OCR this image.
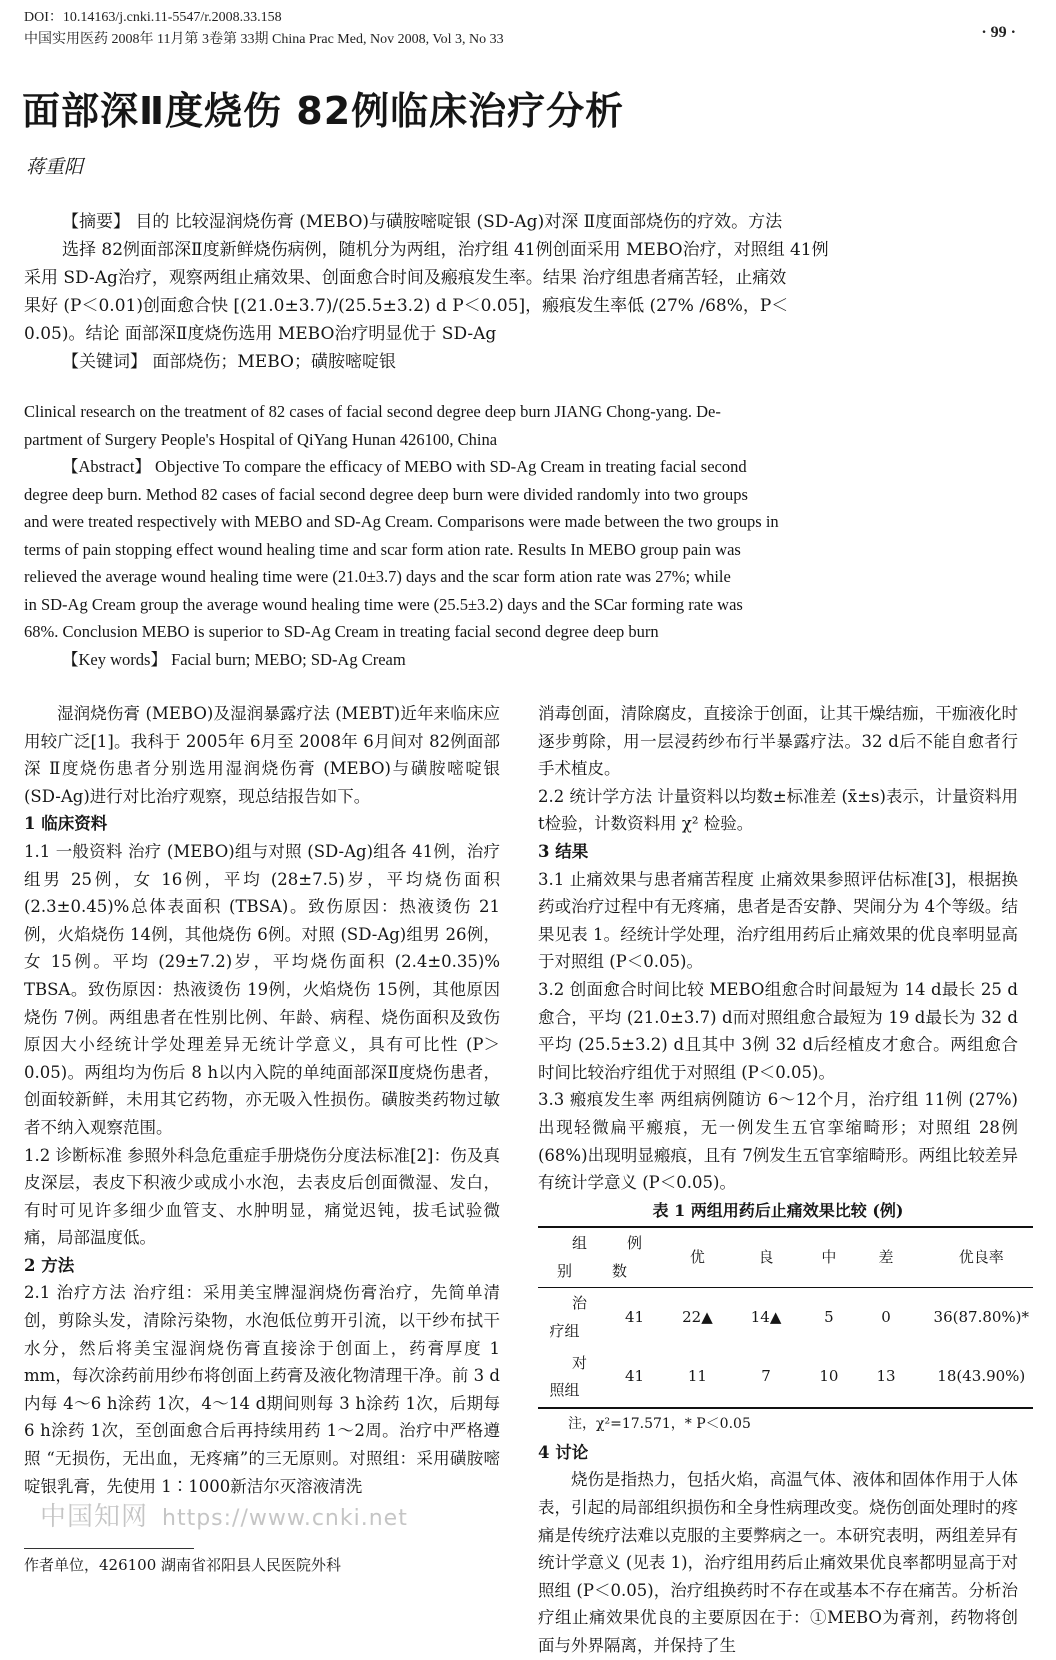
DOI：10.14163/j.cnki.11-5547/r.2008.33.158
中国实用医药 2008年 11月第 3卷第 33期 China Prac Med, Nov 2008, Vol 3, No 33	· 99 ·
面部深Ⅱ度烧伤 82例临床治疗分析
蒋重阳

【摘要】 目的 比较湿润烧伤膏 (MEBO)与磺胺嘧啶银 (SD-Ag)对深 Ⅱ度面部烧伤的疗效。方法

选择 82例面部深Ⅱ度新鲜烧伤病例，随机分为两组，治疗组 41例创面采用 MEBO治疗，对照组 41例

采用 SD-Ag治疗，观察两组止痛效果、创面愈合时间及瘢痕发生率。结果 治疗组患者痛苦轻，止痛效

果好 (P＜0.01)创面愈合快 [(21.0±3.7)/(25.5±3.2) d P＜0.05]，瘢痕发生率低 (27% /68%，P＜

0.05)。结论 面部深Ⅱ度烧伤选用 MEBO治疗明显优于 SD-Ag

【关键词】 面部烧伤；MEBO；磺胺嘧啶银

Clinical research on the treatment of 82 cases of facial second degree deep burn JIANG Chong-yang. De-

partment of Surgery People's Hospital of QiYang Hunan 426100, China

【Abstract】 Objective To compare the efficacy of MEBO with SD-Ag Cream in treating facial second

degree deep burn. Method 82 cases of facial second degree deep burn were divided randomly into two groups

and were treated respectively with MEBO and SD-Ag Cream. Comparisons were made between the two groups in

terms of pain stopping effect wound healing time and scar form ation rate. Results In MEBO group pain was

relieved the average wound healing time were (21.0±3.7) days and the scar form ation rate was 27%; while

in SD-Ag Cream group the average wound healing time were (25.5±3.2) days and the SCar forming rate was

68%. Conclusion MEBO is superior to SD-Ag Cream in treating facial second degree deep burn

【Key words】 Facial burn; MEBO; SD-Ag Cream

湿润烧伤膏 (MEBO)及湿润暴露疗法 (MEBT)近年来临床应用较广泛[1]。我科于 2005年 6月至 2008年 6月间对 82例面部深 Ⅱ度烧伤患者分别选用湿润烧伤膏 (MEBO)与磺胺嘧啶银 (SD-Ag)进行对比治疗观察，现总结报告如下。

1 临床资料

1.1 一般资料 治疗 (MEBO)组与对照 (SD-Ag)组各 41例，治疗组男 25例，女 16例，平均 (28±7.5)岁，平均烧伤面积 (2.3±0.45)%总体表面积 (TBSA)。致伤原因：热液烫伤 21例，火焰烧伤 14例，其他烧伤 6例。对照 (SD-Ag)组男 26例，女 15例。平均 (29±7.2)岁，平均烧伤面积 (2.4±0.35)% TBSA。致伤原因：热液烫伤 19例，火焰烧伤 15例，其他原因烧伤 7例。两组患者在性别比例、年龄、病程、烧伤面积及致伤原因大小经统计学处理差异无统计学意义，具有可比性 (P＞0.05)。两组均为伤后 8 h以内入院的单纯面部深Ⅱ度烧伤患者，创面较新鲜，未用其它药物，亦无吸入性损伤。磺胺类药物过敏者不纳入观察范围。

1.2 诊断标准 参照外科急危重症手册烧伤分度法标准[2]：伤及真皮深层，表皮下积液少或成小水泡，去表皮后创面微湿、发白，有时可见许多细少血管支、水肿明显，痛觉迟钝，拔毛试验微痛，局部温度低。

2 方法

2.1 治疗方法 治疗组：采用美宝牌湿润烧伤膏治疗，先简单清创，剪除头发，清除污染物，水泡低位剪开引流，以干纱布拭干水分，然后将美宝湿润烧伤膏直接涂于创面上，药膏厚度 1 mm，每次涂药前用纱布将创面上药膏及液化物清理干净。前 3 d内每 4～6 h涂药 1次，4～14 d期间则每 3 h涂药 1次，后期每 6 h涂药 1次，至创面愈合后再持续用药 1～2周。治疗中严格遵照 “无损伤，无出血，无疼痛”的三无原则。对照组：采用磺胺嘧啶银乳膏，先使用 1∶1000新洁尔灭溶液清洗

消毒创面，清除腐皮，直接涂于创面，让其干燥结痂，干痂液化时逐步剪除，用一层浸药纱布行半暴露疗法。32 d后不能自愈者行手术植皮。

2.2 统计学方法 计量资料以均数±标准差 (x̄±s)表示，计量资料用 t检验，计数资料用 χ² 检验。

3 结果

3.1 止痛效果与患者痛苦程度 止痛效果参照评估标准[3]，根据换药或治疗过程中有无疼痛，患者是否安静、哭闹分为 4个等级。结果见表 1。经统计学处理，治疗组用药后止痛效果的优良率明显高于对照组 (P＜0.05)。

3.2 创面愈合时间比较 MEBO组愈合时间最短为 14 d最长 25 d愈合，平均 (21.0±3.7) d而对照组愈合最短为 19 d最长为 32 d平均 (25.5±3.2) d且其中 3例 32 d后经植皮才愈合。两组愈合时间比较治疗组优于对照组 (P＜0.05)。

3.3 瘢痕发生率 两组病例随访 6～12个月，治疗组 11例 (27%)出现轻微扁平瘢痕，无一例发生五官挛缩畸形；对照组 28例 (68%)出现明显瘢痕，且有 7例发生五官挛缩畸形。两组比较差异有统计学意义 (P＜0.05)。

表 1 两组用药后止痛效果比较 (例)
组别	例数	优	良	中	差	优良率
治疗组	41	22▲	14▲	5	0	36(87.80%)*
对照组	41	11	7	10	13	18(43.90%)
注，χ²=17.571，* P＜0.05

4 讨论

烧伤是指热力，包括火焰，高温气体、液体和固体作用于人体表，引起的局部组织损伤和全身性病理改变。烧伤创面处理时的疼痛是传统疗法难以克服的主要弊病之一。本研究表明，两组差异有统计学意义 (见表 1)，治疗组用药后止痛效果优良率都明显高于对照组 (P＜0.05)，治疗组换药时不存在或基本不存在痛苦。分析治疗组止痛效果优良的主要原因在于：①MEBO为膏剂，药物将创面与外界隔离，并保持了生

中国知网 https://www.cnki.net
作者单位，426100 湖南省祁阳县人民医院外科
